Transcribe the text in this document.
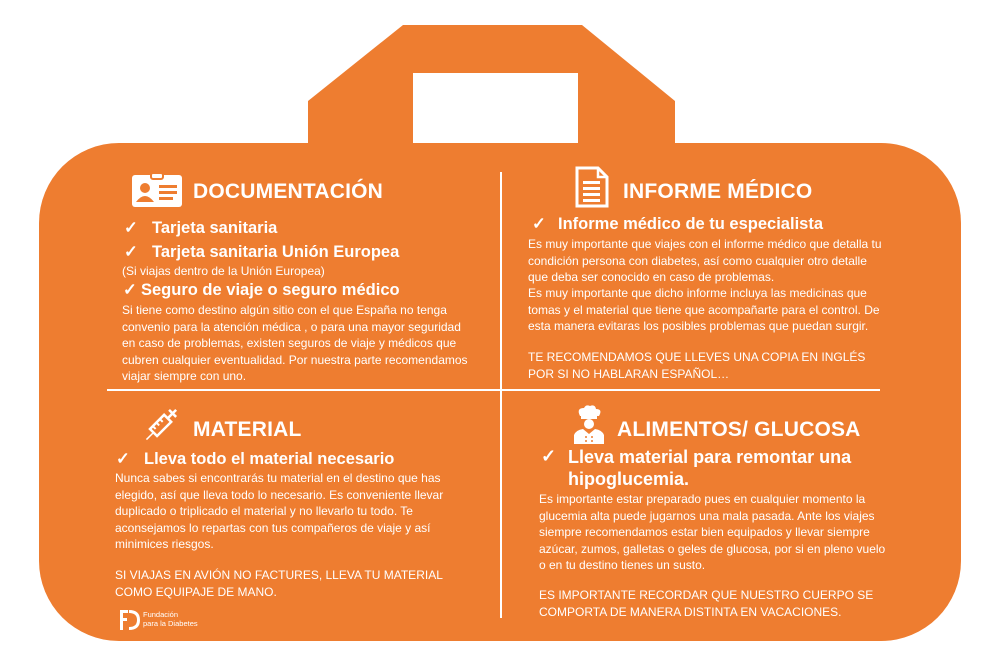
DOCUMENTACIÓN
✓ Tarjeta sanitaria
✓ Tarjeta sanitaria Unión Europea
(Si viajas dentro de la Unión Europea)
✓ Seguro de viaje o seguro médico
Si tiene como destino algún sitio con el que España no tenga convenio para la atención médica , o para una mayor seguridad en caso de problemas, existen seguros de viaje y médicos que cubren cualquier eventualidad. Por nuestra parte recomendamos viajar siempre con uno.
INFORME MÉDICO
✓ Informe médico de tu especialista
Es muy importante que viajes con el informe médico que detalla tu condición persona con diabetes, así como cualquier otro detalle que deba ser conocido en caso de problemas.
Es muy importante que dicho informe incluya las medicinas que tomas y el material que tiene que acompañarte para el control. De esta manera evitaras los posibles problemas que puedan surgir.
TE RECOMENDAMOS QUE LLEVES UNA COPIA EN INGLÉS POR SI NO HABLARAN ESPAÑOL…
MATERIAL
✓ Lleva todo el material necesario
Nunca sabes si encontrarás tu material en el destino que has elegido, así que lleva todo lo necesario. Es conveniente llevar duplicado o triplicado el material y no llevarlo tu todo. Te aconsejamos lo repartas con tus compañeros de viaje y así minimices riesgos.
SI VIAJAS EN AVIÓN NO FACTURES, LLEVA TU MATERIAL COMO EQUIPAJE DE MANO.
ALIMENTOS/ GLUCOSA
✓ Lleva material para remontar una hipoglucemia.
Es importante estar preparado pues en cualquier momento la glucemia alta puede jugarnos una mala pasada. Ante los viajes siempre recomendamos estar bien equipados y llevar siempre azúcar, zumos, galletas o geles de glucosa, por si en pleno vuelo o en tu destino tienes un susto.
ES IMPORTANTE RECORDAR QUE NUESTRO CUERPO SE COMPORTA DE MANERA DISTINTA EN VACACIONES.
Fundación
para la Diabetes
